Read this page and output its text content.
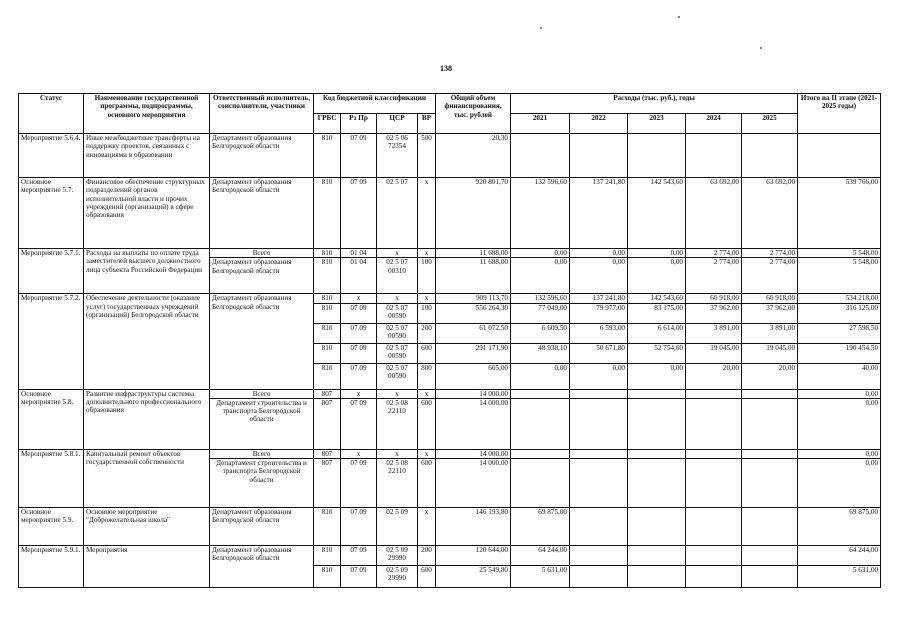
138
Статус	Наименование государственной программы, подпрограммы, основного мероприятия	Ответственный исполнитель, соисполнители, участники	Код бюджетной классификации				Общий объем финансирования, тыс. рублей	Расходы (тыс. руб.), годы					Итого на II этапе (2021-2025 годы)
			ГРБС	Рз Пр	ЦСР	ВР		2021	2022	2023	2024	2025	
Мероприятие 5.6.4.	Иные межбюджетные трансферты на поддержку проектов, связанных с инновациями в образовании	Департамент образования Белгородской области	810	07 09	02 5 06 72354	500	20,30						
Основное мероприятие 5.7.	Финансовое обеспечение структурных подразделений органов исполнительной власти и прочих учреждений (организаций) в сфере образования	Департамент образования Белгородской области	810	07 09	02 5 07	x	920 801,70	132 596,60	137 241,80	142 543,60	63 692,00	63 692,00	539 766,00
Мероприятие 5.7.1.	Расходы на выплаты по оплате труда заместителей высшего должностного лица субъекта Российской Федерации	Всего	810	01 04	x	x	11 688,00	0,00	0,00	0,00	2 774,00	2 774,00	5 548,00
		Департамент образования Белгородской области	810	01 04	02 5 07 00310	100	11 688,00	0,00	0,00	0,00	2 774,00	2 774,00	5 548,00
Мероприятие 5.7.2.	Обеспечение деятельности (оказание услуг) государственных учреждений (организаций) Белгородской области	Департамент образования Белгородской области	810	x	x	x	909 113,70	132 596,60	137 241,80	142 543,60	60 918,00	60 918,00	534 218,00
			810	07 09	02 5 07 00590	100	556 264,30	77 049,00	79 977,00	83 175,00	37 962,00	37 962,00	316 125,00
			810	07 09	02 5 07 00590	200	61 072,50	6 609,50	6 593,00	6 614,00	3 891,00	3 891,00	27 598,50
			810	07 09	02 5 07 00590	600	291 171,90	48 938,10	50 671,80	52 754,60	19 045,00	19 045,00	190 454,50
			810	07 09	02 5 07 00590	800	605,00	0,00	0,00	0,00	20,00	20,00	40,00
Основное мероприятие 5.8.	Развитие инфраструктуры системы дополнительного профессионального образования	Всего	807	x	x	x	14 000,00						0,00
		Департамент строительства и транспорта Белгородской области	807	07 09	02 5 08 22110	600	14 000,00						0,00
Мероприятие 5.8.1.	Капитальный ремонт объектов государственной собственности	Всего	807	x	x	x	14 000,00						0,00
		Департамент строительства и транспорта Белгородской области	807	07 09	02 5 08 22110	600	14 000,00						0,00
Основное мероприятие 5.9.	Основное мероприятие "Доброжелательная школа"	Департамент образования Белгородской области	810	07 09	02 5 09	x	146 193,80	69 875,00					69 875,00
Мероприятие 5.9.1.	Мероприятия	Департамент образования Белгородской области	810	07 09	02 5 09 29990	200	120 644,00	64 244,00					64 244,00
			810	07 09	02 5 09 29990	600	25 549,80	5 631,00					5 631,00
